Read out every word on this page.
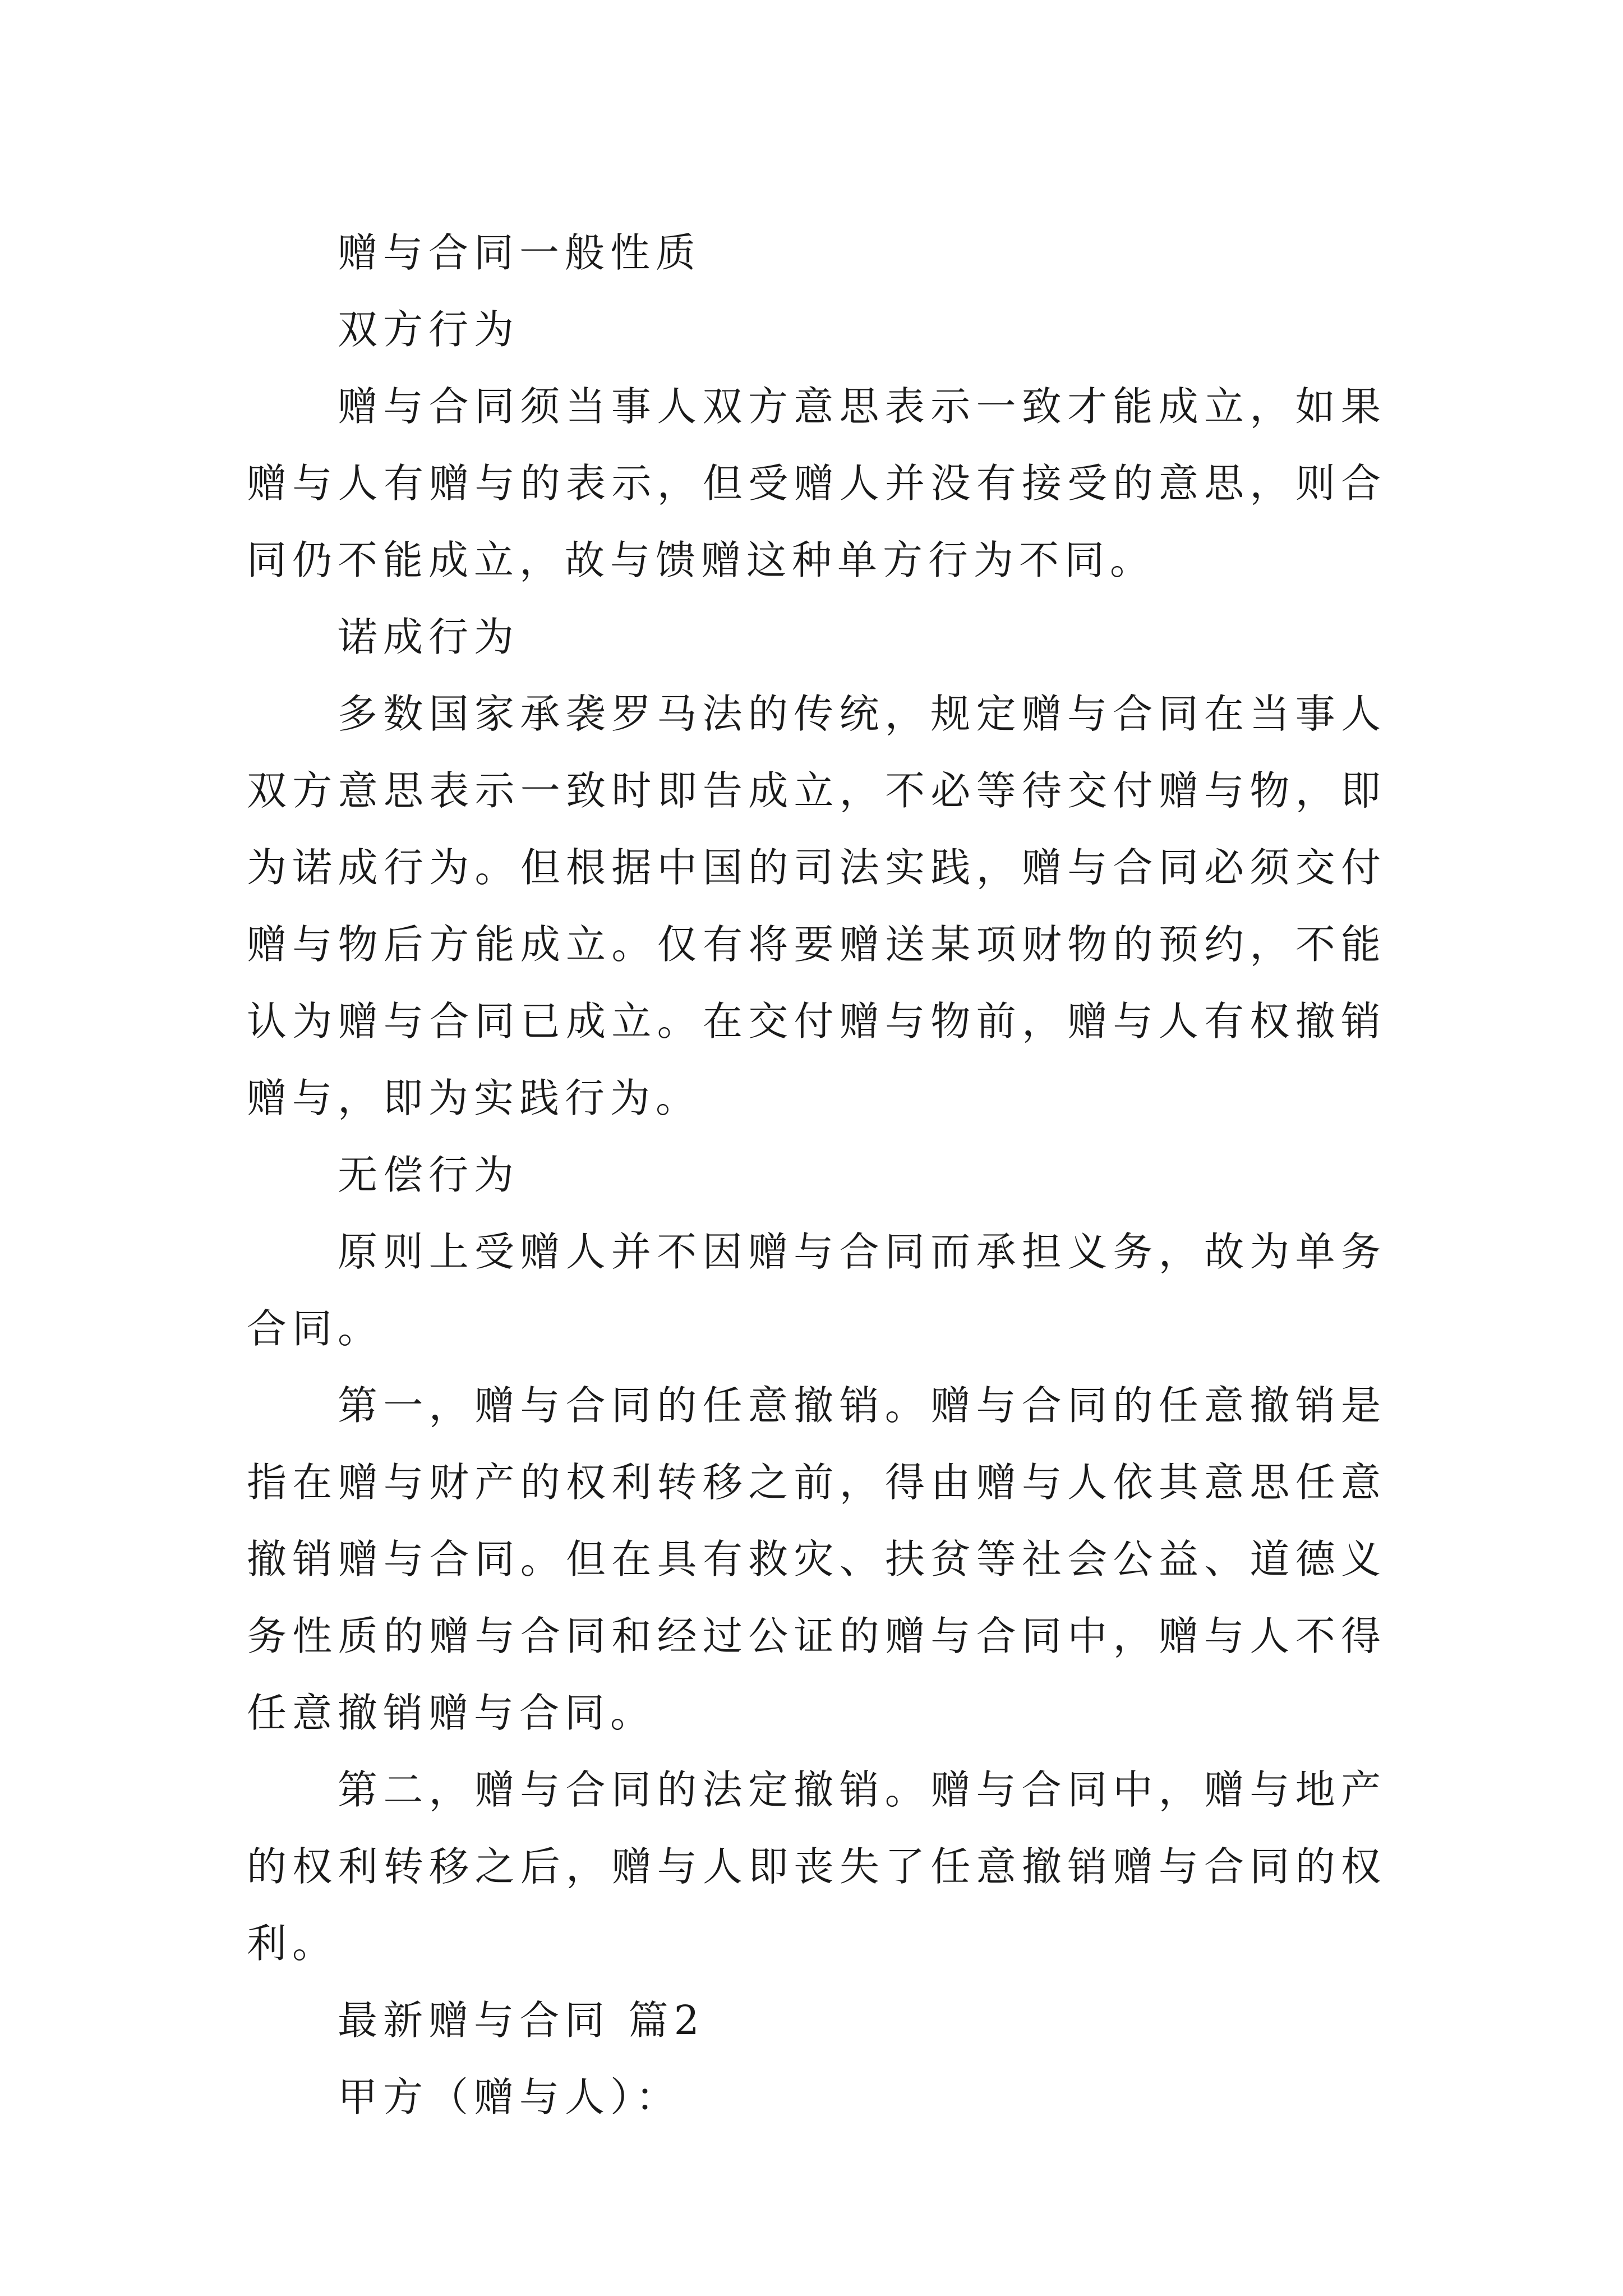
赠与合同一般性质

双方行为

赠与合同须当事人双方意思表示一致才能成立，如果赠与人有赠与的表示，但受赠人并没有接受的意思，则合同仍不能成立，故与馈赠这种单方行为不同。

诺成行为

多数国家承袭罗马法的传统，规定赠与合同在当事人双方意思表示一致时即告成立，不必等待交付赠与物，即为诺成行为。但根据中国的司法实践，赠与合同必须交付赠与物后方能成立。仅有将要赠送某项财物的预约，不能认为赠与合同已成立。在交付赠与物前，赠与人有权撤销赠与，即为实践行为。

无偿行为

原则上受赠人并不因赠与合同而承担义务，故为单务合同。

第一，赠与合同的任意撤销。赠与合同的任意撤销是指在赠与财产的权利转移之前，得由赠与人依其意思任意撤销赠与合同。但在具有救灾、扶贫等社会公益、道德义务性质的赠与合同和经过公证的赠与合同中，赠与人不得任意撤销赠与合同。

第二，赠与合同的法定撤销。赠与合同中，赠与地产的权利转移之后，赠与人即丧失了任意撤销赠与合同的权利。

最新赠与合同 篇2

甲方（赠与人）：
